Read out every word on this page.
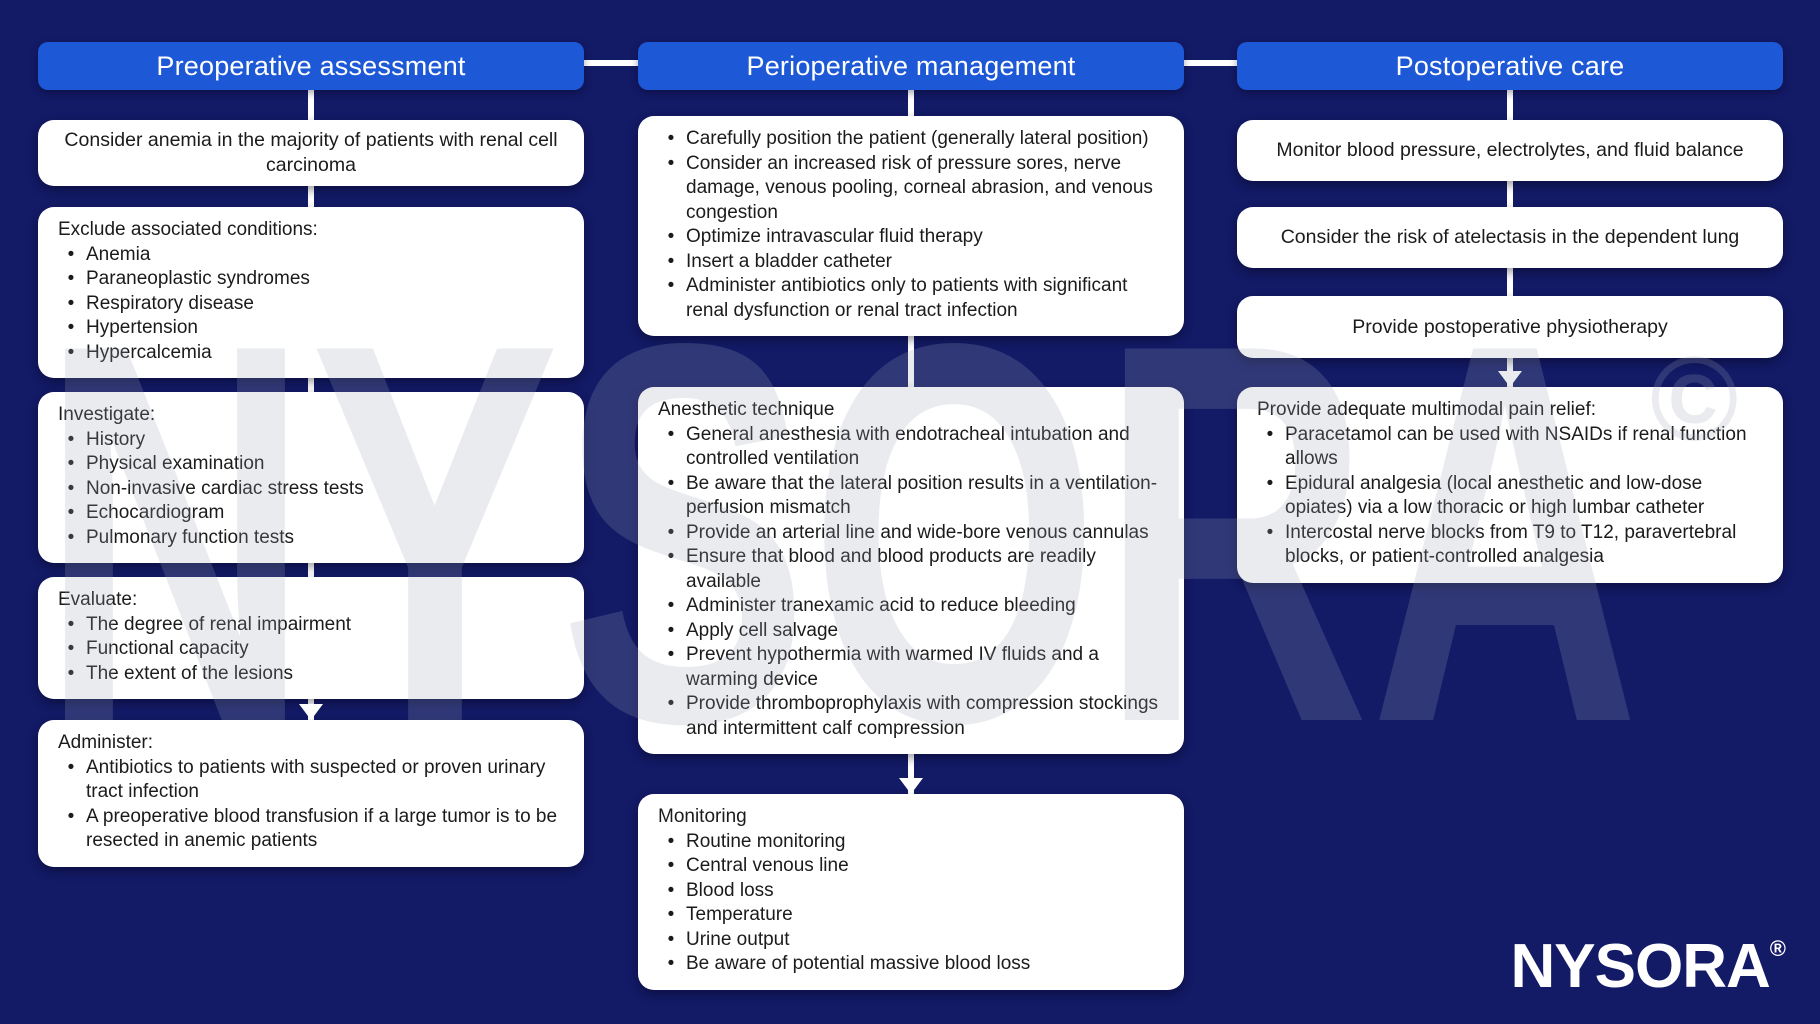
Preoperative assessment
Consider anemia in the majority of patients with renal cell carcinoma
Exclude associated conditions:
• Anemia
• Paraneoplastic syndromes
• Respiratory disease
• Hypertension
• Hypercalcemia
Investigate:
• History
• Physical examination
• Non-invasive cardiac stress tests
• Echocardiogram
• Pulmonary function tests
Evaluate:
• The degree of renal impairment
• Functional capacity
• The extent of the lesions
Administer:
• Antibiotics to patients with suspected or proven urinary tract infection
• A preoperative blood transfusion if a large tumor is to be resected in anemic patients
Perioperative management
• Carefully position the patient (generally lateral position)
• Consider an increased risk of pressure sores, nerve damage, venous pooling, corneal abrasion, and venous congestion
• Optimize intravascular fluid therapy
• Insert a bladder catheter
• Administer antibiotics only to patients with significant renal dysfunction or renal tract infection
Anesthetic technique
• General anesthesia with endotracheal intubation and controlled ventilation
• Be aware that the lateral position results in a ventilation-perfusion mismatch
• Provide an arterial line and wide-bore venous cannulas
• Ensure that blood and blood products are readily available
• Administer tranexamic acid to reduce bleeding
• Apply cell salvage
• Prevent hypothermia with warmed IV fluids and a warming device
• Provide thromboprophylaxis with compression stockings and intermittent calf compression
Monitoring
• Routine monitoring
• Central venous line
• Blood loss
• Temperature
• Urine output
• Be aware of potential massive blood loss
Postoperative care
Monitor blood pressure, electrolytes, and fluid balance
Consider the risk of atelectasis in the dependent lung
Provide postoperative physiotherapy
Provide adequate multimodal pain relief:
• Paracetamol can be used with NSAIDs if renal function allows
• Epidural analgesia (local anesthetic and low-dose opiates) via a low thoracic or high lumbar catheter
• Intercostal nerve blocks from T9 to T12, paravertebral blocks, or patient-controlled analgesia
NYSORA ©
NYSORA ®
